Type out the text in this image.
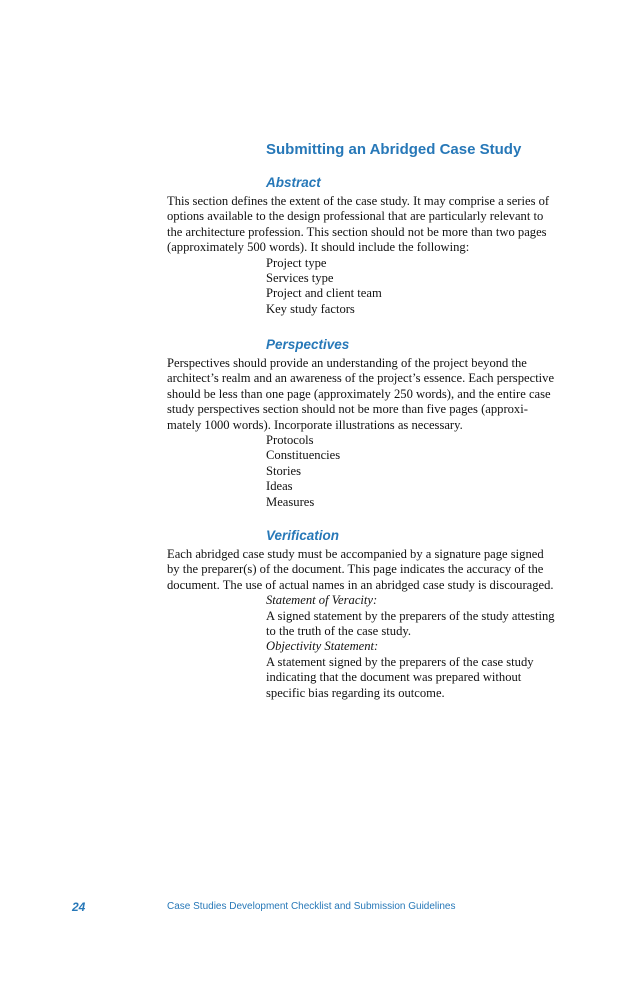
Submitting an Abridged Case Study
Abstract

This section defines the extent of the case study. It may comprise a series of
options available to the design professional that are particularly relevant to
the architecture profession. This section should not be more than two pages
(approximately 500 words). It should include the following:

Project type
Services type
Project and client team
Key study factors
Perspectives

Perspectives should provide an understanding of the project beyond the
architect’s realm and an awareness of the project’s essence. Each perspective
should be less than one page (approximately 250 words), and the entire case
study perspectives section should not be more than five pages (approxi-
mately 1000 words). Incorporate illustrations as necessary.

Protocols
Constituencies
Stories
Ideas
Measures
Verification

Each abridged case study must be accompanied by a signature page signed
by the preparer(s) of the document. This page indicates the accuracy of the
document. The use of actual names in an abridged case study is discouraged.

Statement of Veracity:
A signed statement by the preparers of the study attesting
to the truth of the case study.
Objectivity Statement:
A statement signed by the preparers of the case study
indicating that the document was prepared without
specific bias regarding its outcome.
24	Case Studies Development Checklist and Submission Guidelines
